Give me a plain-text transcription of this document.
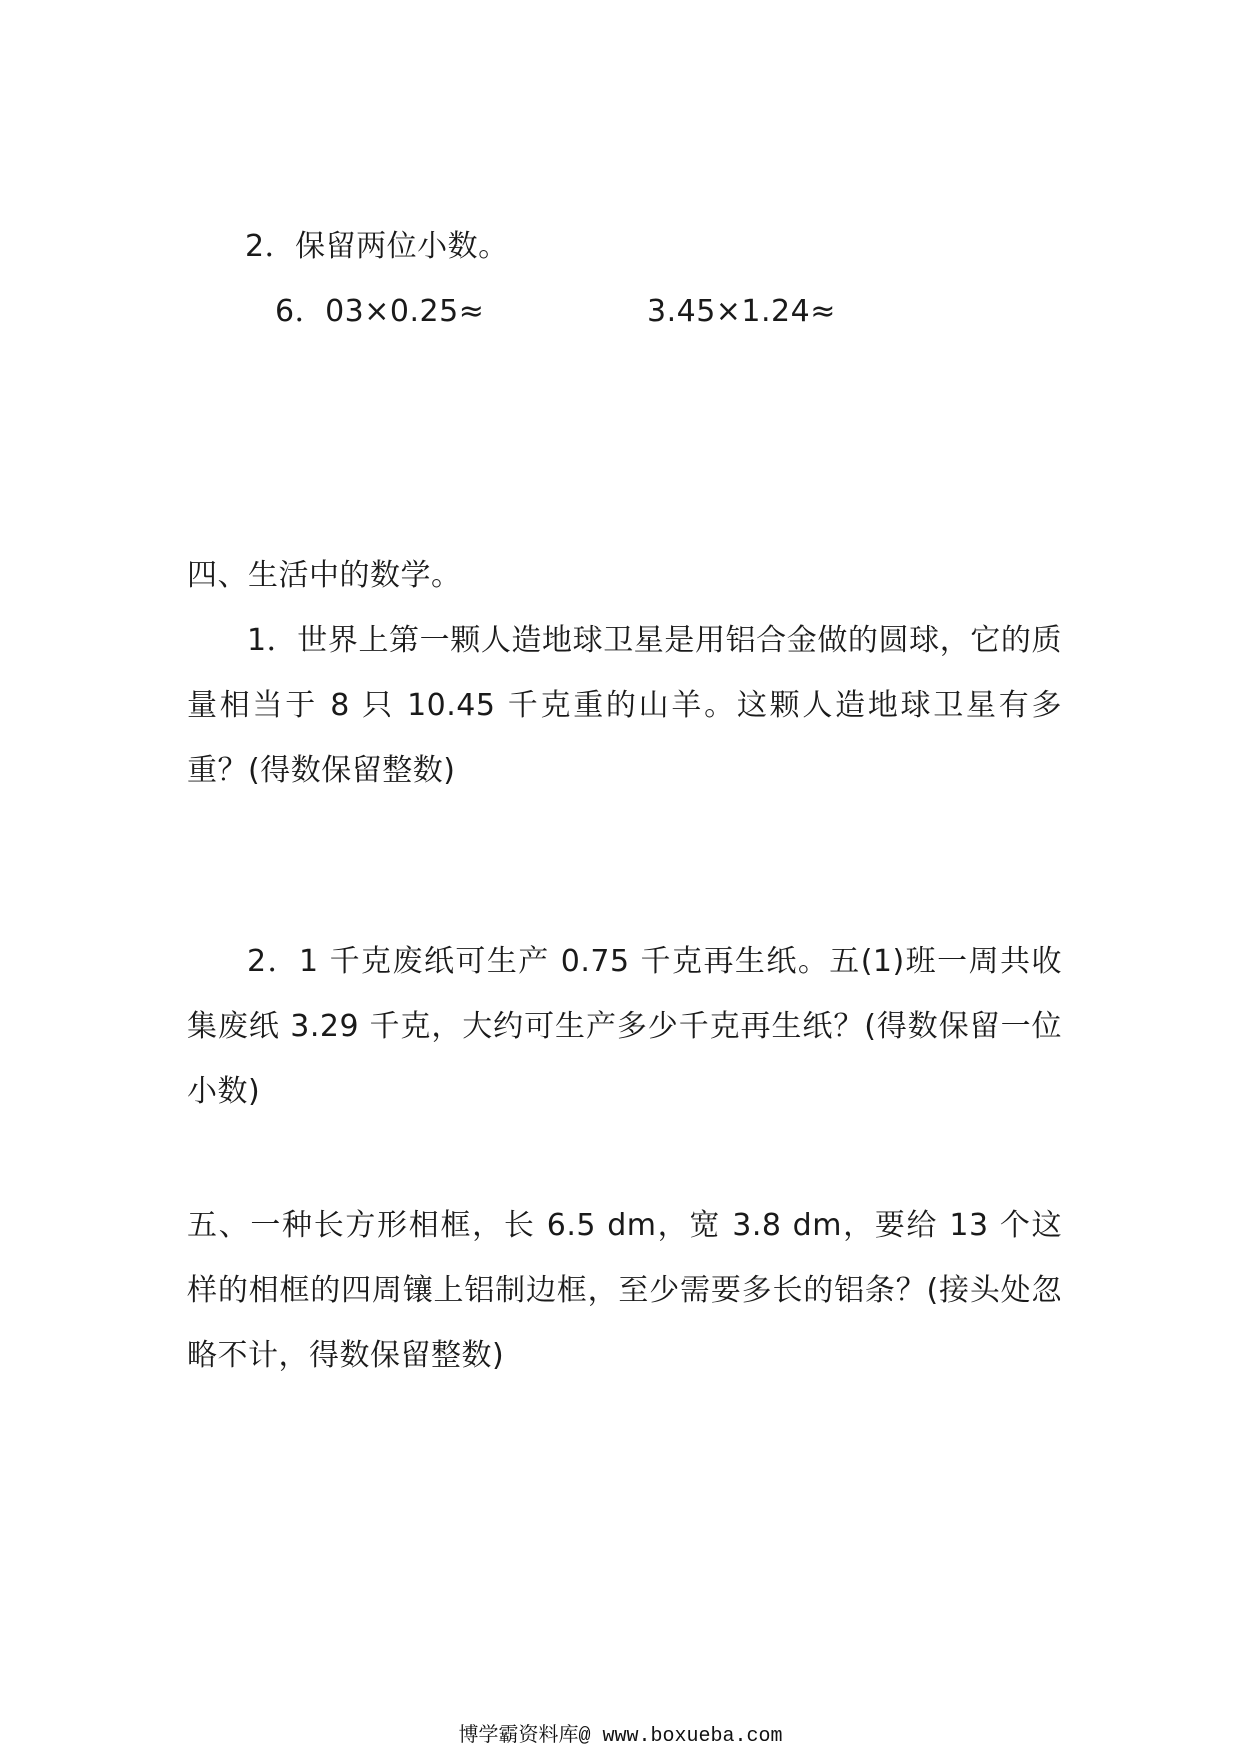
2．保留两位小数。
6．03×0.25≈	3.45×1.24≈
四、生活中的数学。
1．世界上第一颗人造地球卫星是用铝合金做的圆球，它的质量相当于 8 只 10.45 千克重的山羊。这颗人造地球卫星有多重？(得数保留整数)
2．1 千克废纸可生产 0.75 千克再生纸。五(1)班一周共收集废纸 3.29 千克，大约可生产多少千克再生纸？(得数保留一位小数)
五、一种长方形相框，长 6.5 dm，宽 3.8 dm，要给 13 个这样的相框的四周镶上铝制边框，至少需要多长的铝条？(接头处忽略不计，得数保留整数)
博学霸资料库@ www.boxueba.com
